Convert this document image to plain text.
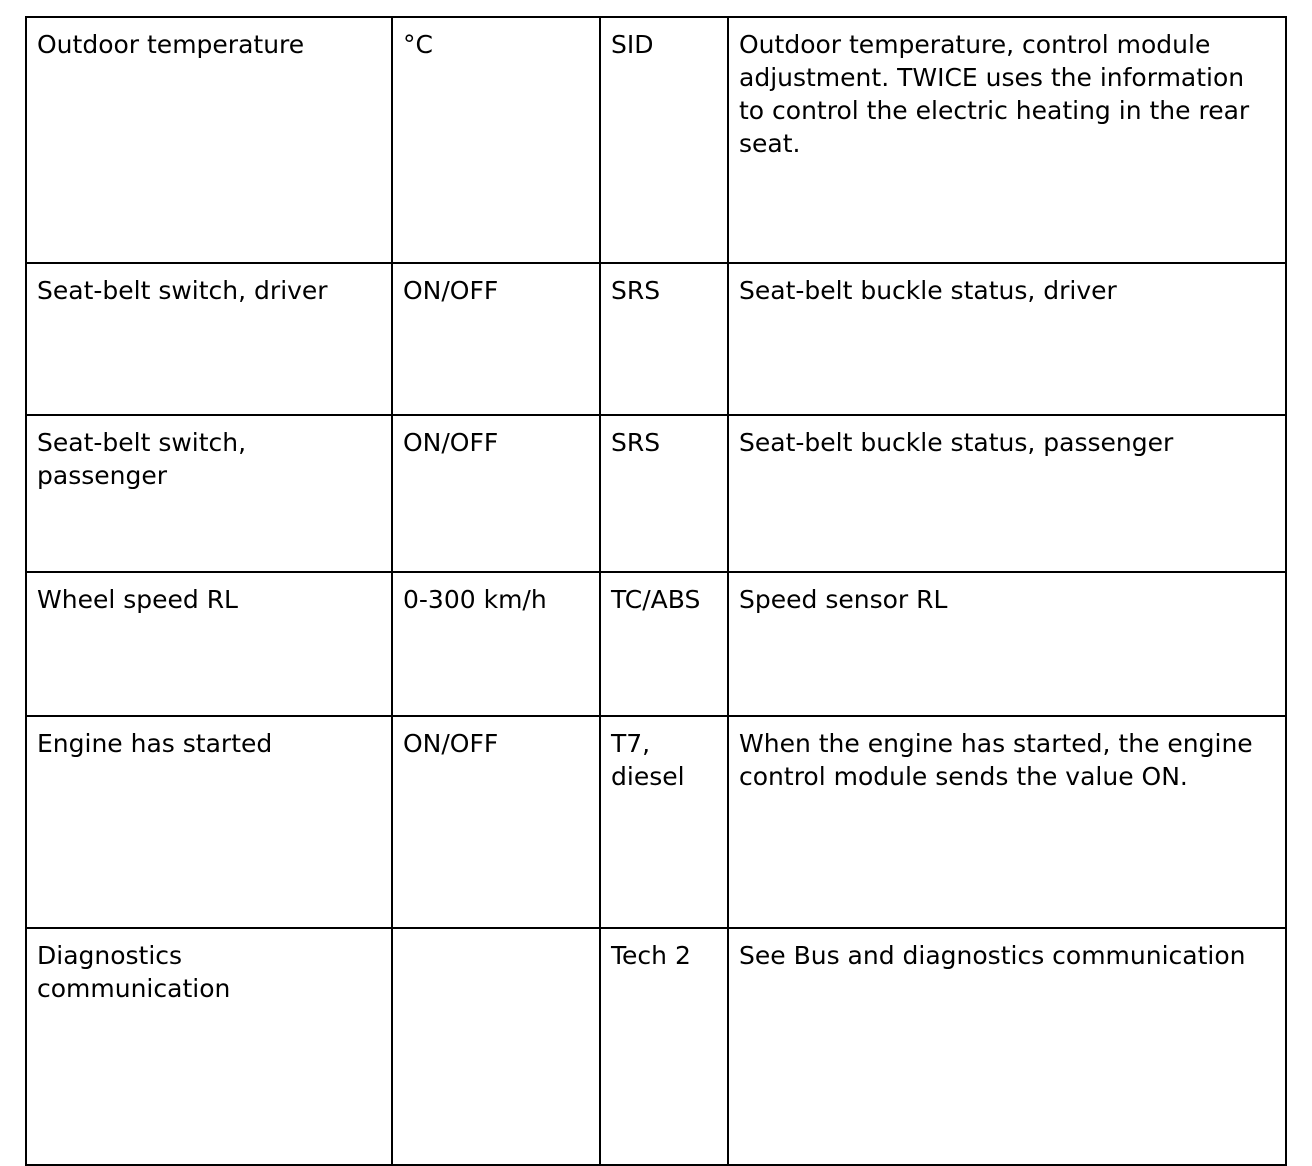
Outdoor temperature	°C	SID	Outdoor temperature, control module adjustment. TWICE uses the information to control the electric heating in the rear seat.
Seat-belt switch, driver	ON/OFF	SRS	Seat-belt buckle status, driver
Seat-belt switch, passenger	ON/OFF	SRS	Seat-belt buckle status, passenger
Wheel speed RL	0-300 km/h	TC/ABS	Speed sensor RL
Engine has started	ON/OFF	T7, diesel	When the engine has started, the engine control module sends the value ON.
Diagnostics communication		Tech 2	See Bus and diagnostics communication
